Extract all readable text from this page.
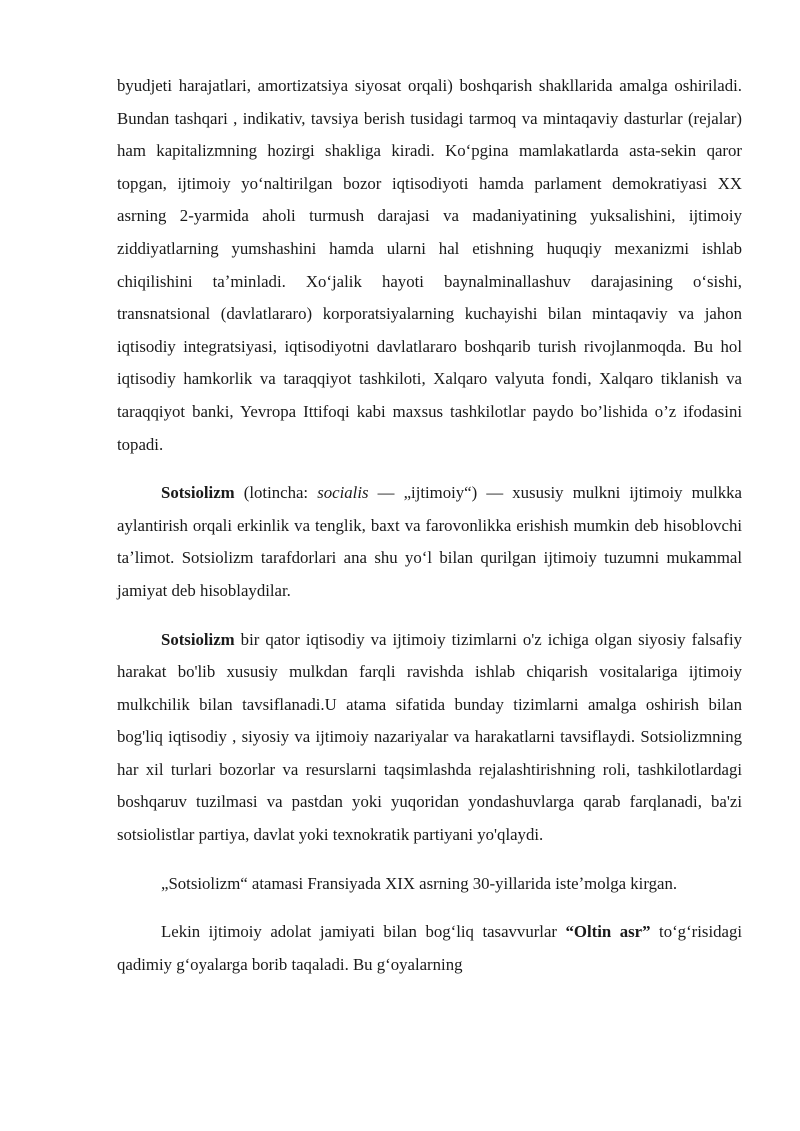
byudjeti harajatlari, amortizatsiya siyosat orqali) boshqarish shakllarida amalga oshiriladi. Bundan tashqari , indikativ, tavsiya berish tusidagi tarmoq va mintaqaviy dasturlar (rejalar) ham kapitalizmning hozirgi shakliga kiradi. Koʻpgina mamlakatlarda asta-sekin qaror topgan, ijtimoiy yoʻnaltirilgan bozor iqtisodiyoti hamda parlament demokratiyasi XX asrning 2-yarmida aholi turmush darajasi va madaniyatining yuksalishini, ijtimoiy ziddiyatlarning yumshashini hamda ularni hal etishning huquqiy mexanizmi ishlab chiqilishini taʼminladi. Xoʻjalik hayoti baynalminallashuv darajasining oʻsishi, transnatsional (davlatlararo) korporatsiyalarning kuchayishi bilan mintaqaviy va jahon iqtisodiy integratsiyasi, iqtisodiyotni davlatlararo boshqarib turish rivojlanmoqda. Bu hol iqtisodiy hamkorlik va taraqqiyot tashkiloti, Xalqaro valyuta fondi, Xalqaro tiklanish va taraqqiyot banki, Yevropa Ittifoqi kabi maxsus tashkilotlar paydo bo’lishida o’z ifodasini topadi.

Sotsiolizm (lotincha: socialis — „ijtimoiy“) — xususiy mulkni ijtimoiy mulkka aylantirish orqali erkinlik va tenglik, baxt va farovonlikka erishish mumkin deb hisoblovchi taʼlimot. Sotsiolizm tarafdorlari ana shu yoʻl bilan qurilgan ijtimoiy tuzumni mukammal jamiyat deb hisoblaydilar.

Sotsiolizm bir qator iqtisodiy va ijtimoiy tizimlarni o'z ichiga olgan siyosiy falsafiy harakat bo'lib xususiy mulkdan farqli ravishda ishlab chiqarish vositalariga ijtimoiy mulkchilik bilan tavsiflanadi.U atama sifatida bunday tizimlarni amalga oshirish bilan bog'liq iqtisodiy , siyosiy va ijtimoiy nazariyalar va harakatlarni tavsiflaydi. Sotsiolizmning har xil turlari bozorlar va resurslarni taqsimlashda rejalashtirishning roli, tashkilotlardagi boshqaruv tuzilmasi va pastdan yoki yuqoridan yondashuvlarga qarab farqlanadi, ba'zi sotsiolistlar partiya, davlat yoki texnokratik partiyani yo'qlaydi.

„Sotsiolizm“ atamasi Fransiyada XIX asrning 30-yillarida isteʼmolga kirgan.

Lekin ijtimoiy adolat jamiyati bilan bogʻliq tasavvurlar “Oltin asr” toʻgʻrisidagi qadimiy gʻoyalarga borib taqaladi. Bu gʻoyalarning
